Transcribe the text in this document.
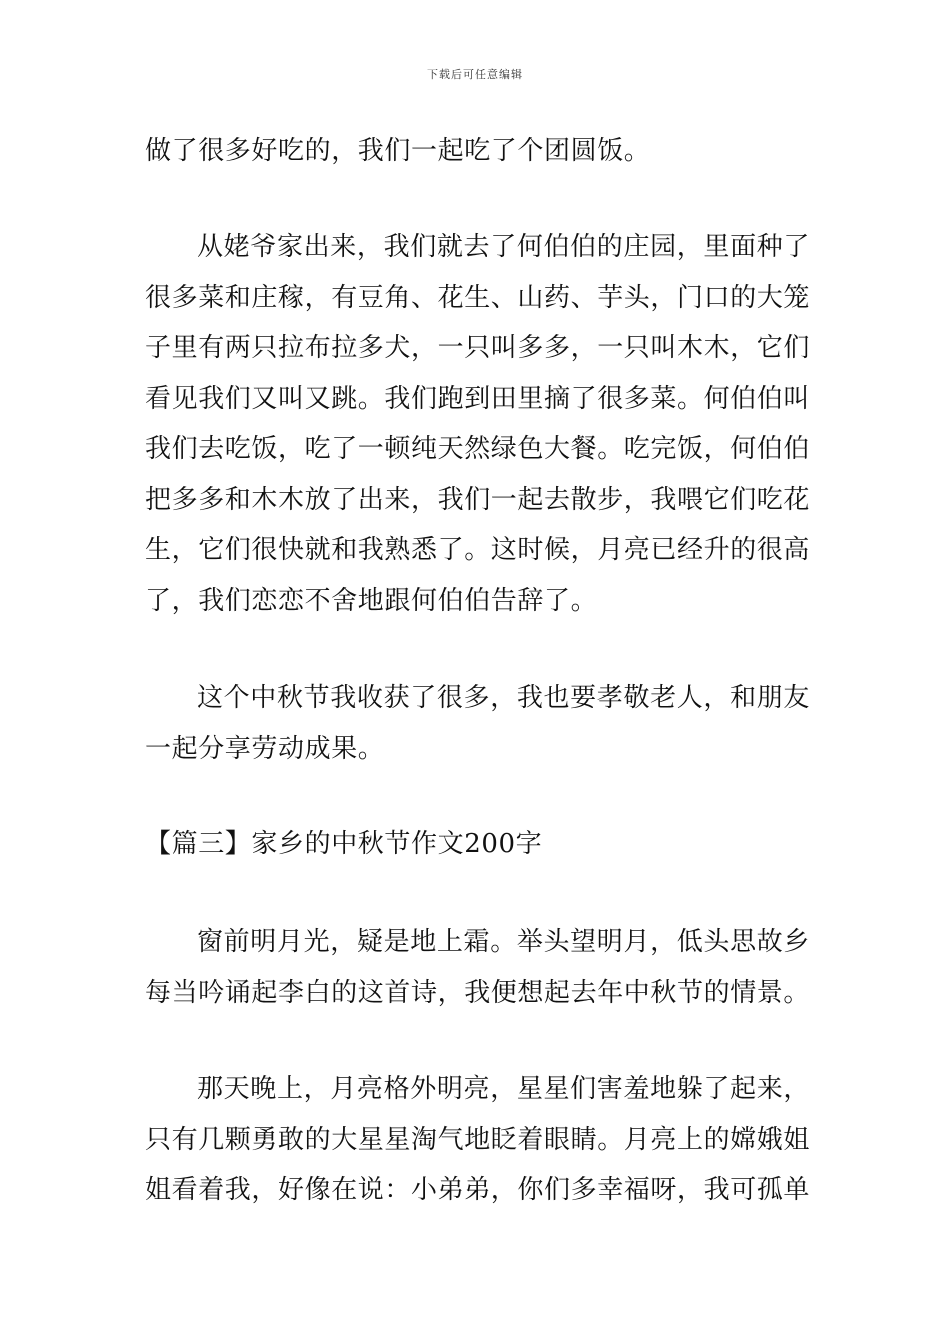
下载后可任意编辑

做了很多好吃的，我们一起吃了个团圆饭。

从姥爷家出来，我们就去了何伯伯的庄园，里面种了很多菜和庄稼，有豆角、花生、山药、芋头，门口的大笼子里有两只拉布拉多犬，一只叫多多，一只叫木木，它们看见我们又叫又跳。我们跑到田里摘了很多菜。何伯伯叫我们去吃饭，吃了一顿纯天然绿色大餐。吃完饭，何伯伯把多多和木木放了出来，我们一起去散步，我喂它们吃花生，它们很快就和我熟悉了。这时候，月亮已经升的很高了，我们恋恋不舍地跟何伯伯告辞了。

这个中秋节我收获了很多，我也要孝敬老人，和朋友一起分享劳动成果。

【篇三】家乡的中秋节作文200字

窗前明月光，疑是地上霜。举头望明月，低头思故乡每当吟诵起李白的这首诗，我便想起去年中秋节的情景。

那天晚上，月亮格外明亮，星星们害羞地躲了起来，只有几颗勇敢的大星星淘气地眨着眼睛。月亮上的嫦娥姐姐看着我，好像在说：小弟弟，你们多幸福呀，我可孤单
